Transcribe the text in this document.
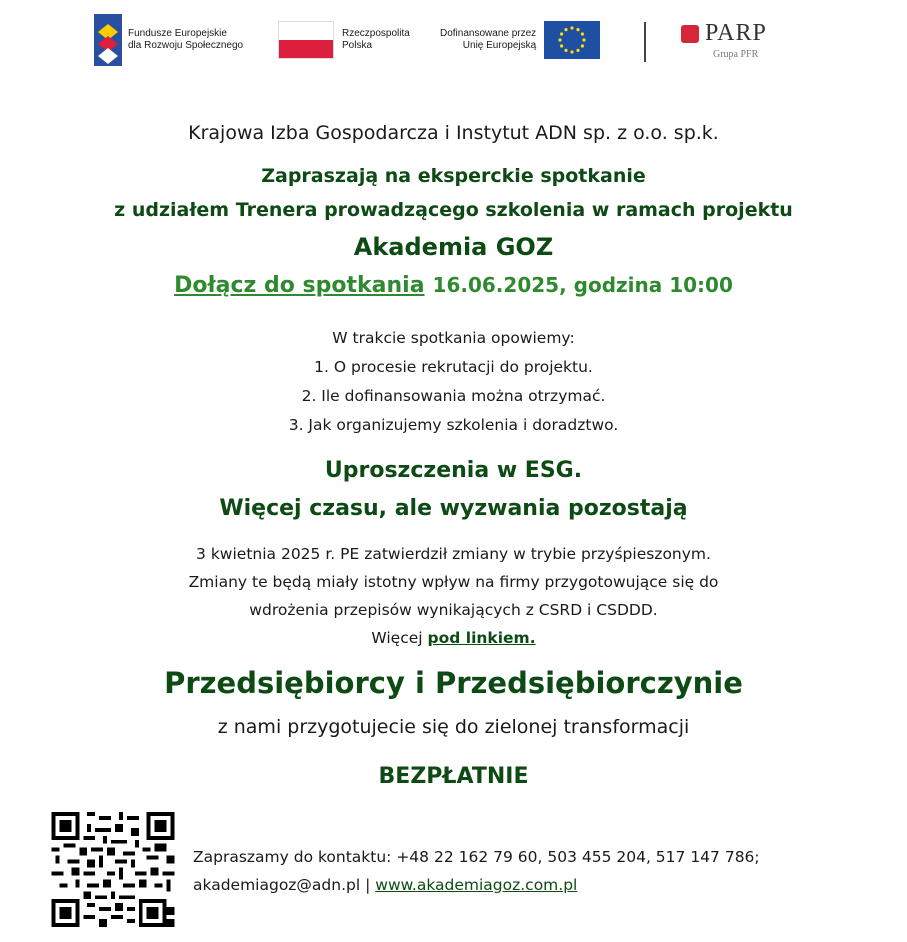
Fundusze Europejskie
dla Rozwoju Społecznego
Rzeczpospolita
Polska
Dofinansowane przez
Unię Europejską	PARP
Grupa PFR
Krajowa Izba Gospodarcza i Instytut ADN sp. z o.o. sp.k.
Zapraszają na eksperckie spotkanie
z udziałem Trenera prowadzącego szkolenia w ramach projektu
Akademia GOZ
Dołącz do spotkania 16.06.2025, godzina 10:00
W trakcie spotkania opowiemy:
1. O procesie rekrutacji do projektu.
2. Ile dofinansowania można otrzymać.
3. Jak organizujemy szkolenia i doradztwo.
Uproszczenia w ESG.
Więcej czasu, ale wyzwania pozostają
3 kwietnia 2025 r. PE zatwierdził zmiany w trybie przyśpieszonym.
Zmiany te będą miały istotny wpływ na firmy przygotowujące się do
wdrożenia przepisów wynikających z CSRD i CSDDD.
Więcej pod linkiem.
Przedsiębiorcy i Przedsiębiorczynie
z nami przygotujecie się do zielonej transformacji
BEZPŁATNIE
Zapraszamy do kontaktu: +48 22 162 79 60, 503 455 204, 517 147 786;
akademiagoz@adn.pl | www.akademiagoz.com.pl
